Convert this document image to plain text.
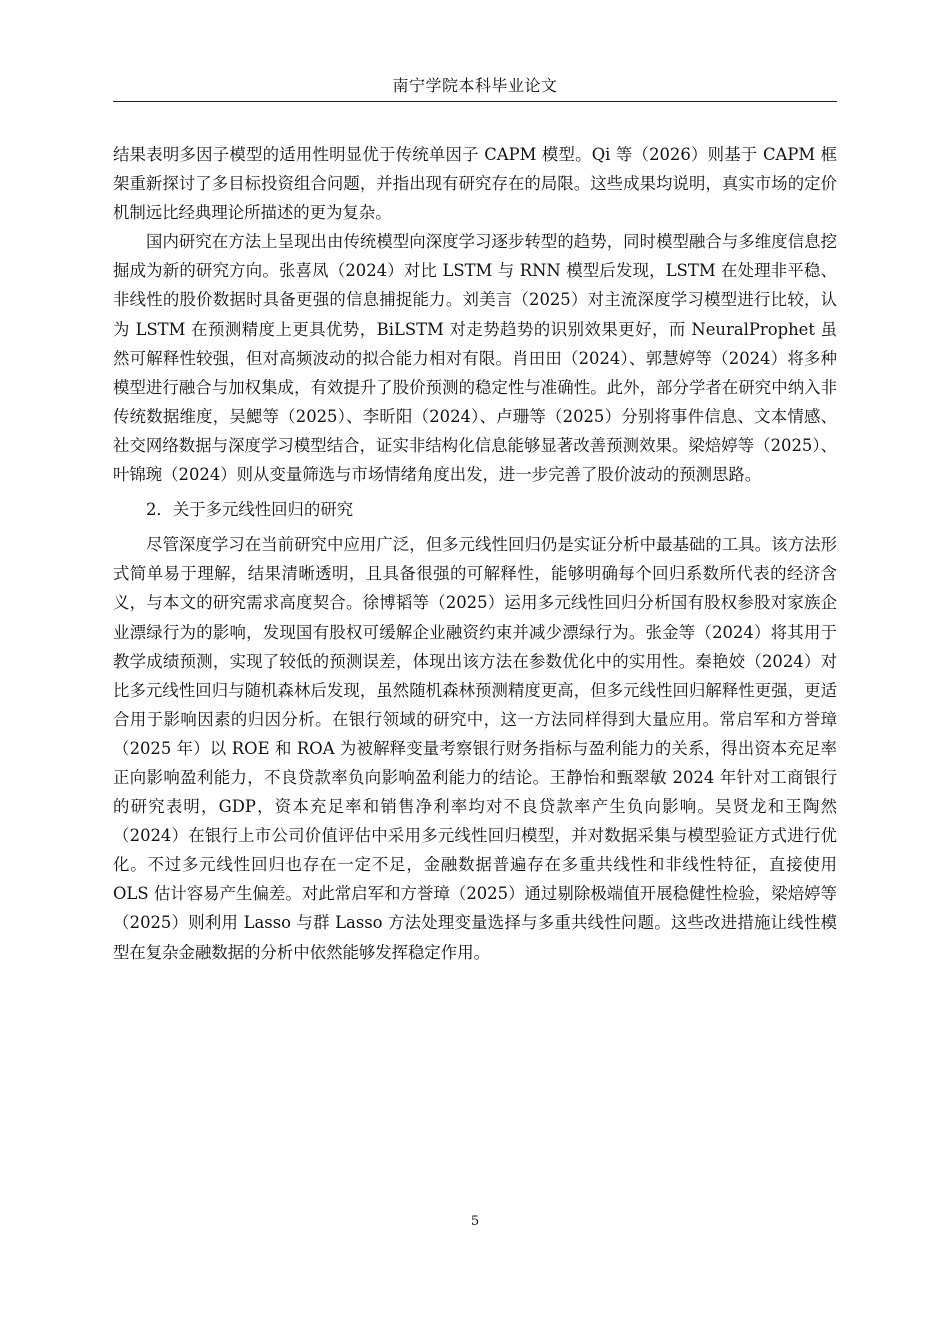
南宁学院本科毕业论文

结果表明多因子模型的适用性明显优于传统单因子 CAPM 模型。Qi 等（2026）则基于 CAPM 框架重新探讨了多目标投资组合问题，并指出现有研究存在的局限。这些成果均说明，真实市场的定价机制远比经典理论所描述的更为复杂。

国内研究在方法上呈现出由传统模型向深度学习逐步转型的趋势，同时模型融合与多维度信息挖掘成为新的研究方向。张喜凤（2024）对比 LSTM 与 RNN 模型后发现，LSTM 在处理非平稳、非线性的股价数据时具备更强的信息捕捉能力。刘美言（2025）对主流深度学习模型进行比较，认为 LSTM 在预测精度上更具优势，BiLSTM 对走势趋势的识别效果更好，而 NeuralProphet 虽然可解释性较强，但对高频波动的拟合能力相对有限。肖田田（2024）、郭慧婷等（2024）将多种模型进行融合与加权集成，有效提升了股价预测的稳定性与准确性。此外，部分学者在研究中纳入非传统数据维度，吴鰓等（2025）、李昕阳（2024）、卢珊等（2025）分别将事件信息、文本情感、社交网络数据与深度学习模型结合，证实非结构化信息能够显著改善预测效果。梁焙婷等（2025）、叶锦琬（2024）则从变量筛选与市场情绪角度出发，进一步完善了股价波动的预测思路。

2．关于多元线性回归的研究

尽管深度学习在当前研究中应用广泛，但多元线性回归仍是实证分析中最基础的工具。该方法形式简单易于理解，结果清晰透明，且具备很强的可解释性，能够明确每个回归系数所代表的经济含义，与本文的研究需求高度契合。徐博韬等（2025）运用多元线性回归分析国有股权参股对家族企业漂绿行为的影响，发现国有股权可缓解企业融资约束并减少漂绿行为。张金等（2024）将其用于教学成绩预测，实现了较低的预测误差，体现出该方法在参数优化中的实用性。秦艳姣（2024）对比多元线性回归与随机森林后发现，虽然随机森林预测精度更高，但多元线性回归解释性更强，更适合用于影响因素的归因分析。在银行领域的研究中，这一方法同样得到大量应用。常启军和方誉璋（2025 年）以 ROE 和 ROA 为被解释变量考察银行财务指标与盈利能力的关系，得出资本充足率正向影响盈利能力，不良贷款率负向影响盈利能力的结论。王静怡和甄翠敏 2024 年针对工商银行的研究表明，GDP，资本充足率和销售净利率均对不良贷款率产生负向影响。吴贤龙和王陶然（2024）在银行上市公司价值评估中采用多元线性回归模型，并对数据采集与模型验证方式进行优化。不过多元线性回归也存在一定不足，金融数据普遍存在多重共线性和非线性特征，直接使用 OLS 估计容易产生偏差。对此常启军和方誉璋（2025）通过剔除极端值开展稳健性检验，梁焙婷等（2025）则利用 Lasso 与群 Lasso 方法处理变量选择与多重共线性问题。这些改进措施让线性模型在复杂金融数据的分析中依然能够发挥稳定作用。

5
